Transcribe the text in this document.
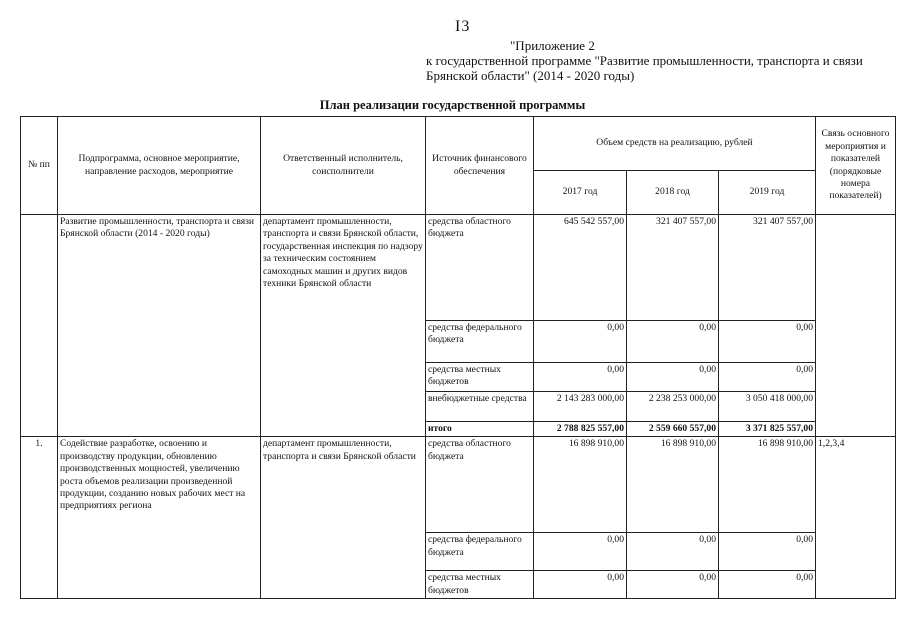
I3
"Приложение 2
к государственной программе "Развитие промышленности, транспорта и связи
Брянской области" (2014 - 2020 годы)
План реализации государственной программы
№ пп	Подпрограмма, основное мероприятие, направление расходов, мероприятие	Ответственный исполнитель, соисполнители	Источник финансового обеспечения	Объем средств на реализацию, рублей			Связь основного мероприятия и показателей (порядковые номера показателей)
				2017 год	2018 год	2019 год	
	Развитие промышленности, транспорта и связи Брянской области (2014 - 2020 годы)	департамент промышленности, транспорта и связи Брянской области, государственная инспекция по надзору за техническим состоянием самоходных машин и других видов техники Брянской области	средства областного бюджета	645 542 557,00	321 407 557,00	321 407 557,00	
			средства федерального бюджета	0,00	0,00	0,00	
			средства местных бюджетов	0,00	0,00	0,00	
			внебюджетные средства	2 143 283 000,00	2 238 253 000,00	3 050 418 000,00	
			итого	2 788 825 557,00	2 559 660 557,00	3 371 825 557,00	
1.	Содействие разработке, освоению и производству продукции, обновлению производственных мощностей, увеличению роста объемов реализации произведенной продукции, созданию новых рабочих мест на предприятиях региона	департамент промышленности, транспорта и связи Брянской области	средства областного бюджета	16 898 910,00	16 898 910,00	16 898 910,00	1,2,3,4
			средства федерального бюджета	0,00	0,00	0,00	
			средства местных бюджетов	0,00	0,00	0,00	
